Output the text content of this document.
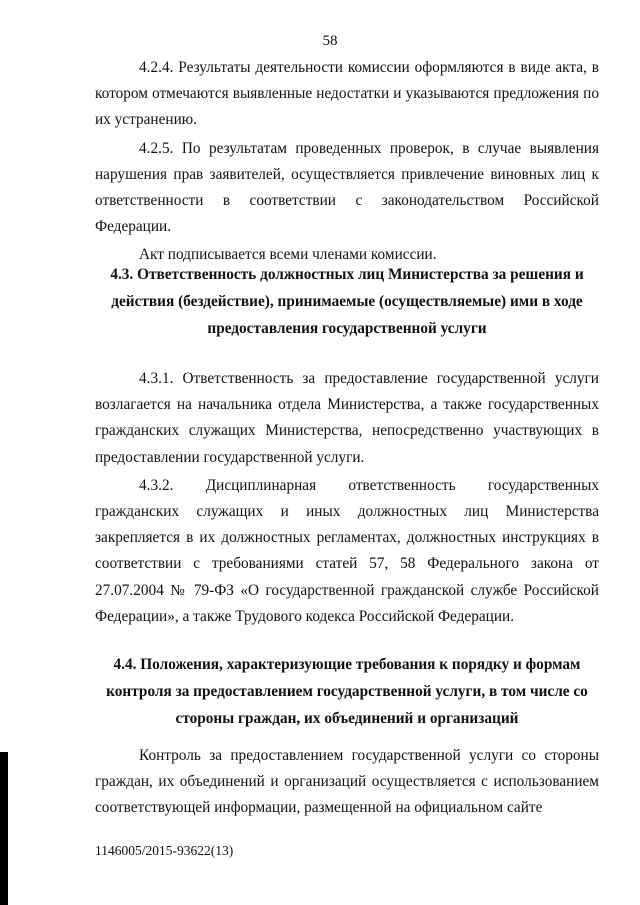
58

4.2.4. Результаты деятельности комиссии оформляются в виде акта, в котором отмечаются выявленные недостатки и указываются предложения по их устранению.

4.2.5. По результатам проведенных проверок, в случае выявления нарушения прав заявителей, осуществляется привлечение виновных лиц к ответственности в соответствии с законодательством Российской Федерации.

Акт подписывается всеми членами комиссии.

4.3. Ответственность должностных лиц Министерства за решения и действия (бездействие), принимаемые (осуществляемые) ими в ходе предоставления государственной услуги

4.3.1. Ответственность за предоставление государственной услуги возлагается на начальника отдела Министерства, а также государственных гражданских служащих Министерства, непосредственно участвующих в предоставлении государственной услуги.

4.3.2. Дисциплинарная ответственность государственных гражданских служащих и иных должностных лиц Министерства закрепляется в их должностных регламентах, должностных инструкциях в соответствии с требованиями статей 57, 58 Федерального закона от 27.07.2004 № 79-ФЗ «О государственной гражданской службе Российской Федерации», а также Трудового кодекса Российской Федерации.

4.4. Положения, характеризующие требования к порядку и формам контроля за предоставлением государственной услуги, в том числе со стороны граждан, их объединений и организаций

Контроль за предоставлением государственной услуги со стороны граждан, их объединений и организаций осуществляется с использованием соответствующей информации, размещенной на официальном сайте

1146005/2015-93622(13)
